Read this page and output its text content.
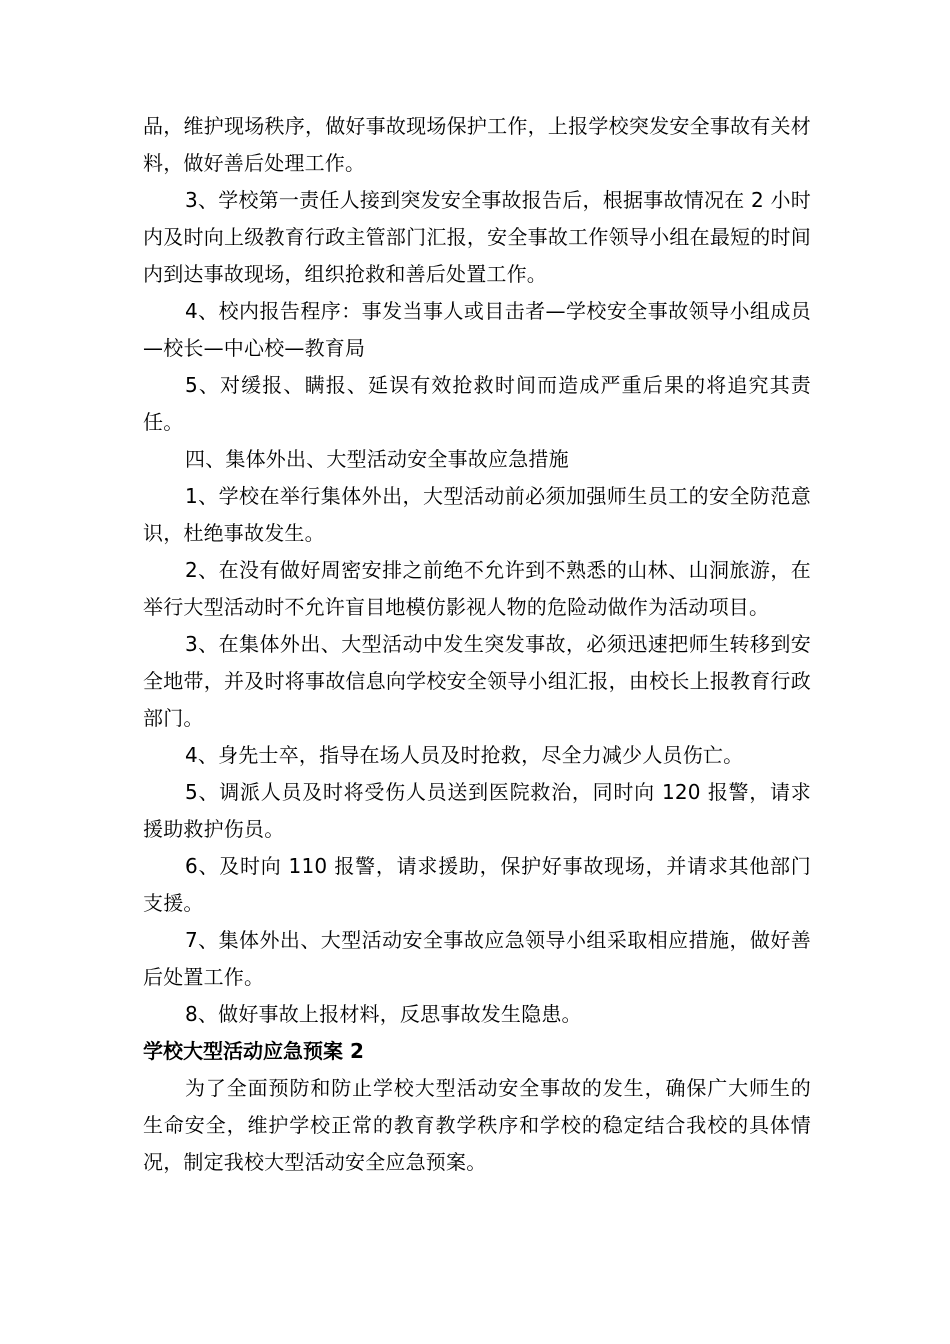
品，维护现场秩序，做好事故现场保护工作，上报学校突发安全事故有关材料，做好善后处理工作。

3、学校第一责任人接到突发安全事故报告后，根据事故情况在 2 小时内及时向上级教育行政主管部门汇报，安全事故工作领导小组在最短的时间内到达事故现场，组织抢救和善后处置工作。

4、校内报告程序：事发当事人或目击者—学校安全事故领导小组成员—校长—中心校—教育局

5、对缓报、瞒报、延误有效抢救时间而造成严重后果的将追究其责任。

四、集体外出、大型活动安全事故应急措施

1、学校在举行集体外出，大型活动前必须加强师生员工的安全防范意识，杜绝事故发生。

2、在没有做好周密安排之前绝不允许到不熟悉的山林、山洞旅游，在举行大型活动时不允许盲目地模仿影视人物的危险动做作为活动项目。

3、在集体外出、大型活动中发生突发事故，必须迅速把师生转移到安全地带，并及时将事故信息向学校安全领导小组汇报，由校长上报教育行政部门。

4、身先士卒，指导在场人员及时抢救，尽全力减少人员伤亡。

5、调派人员及时将受伤人员送到医院救治，同时向 120 报警，请求援助救护伤员。

6、及时向 110 报警，请求援助，保护好事故现场，并请求其他部门支援。

7、集体外出、大型活动安全事故应急领导小组采取相应措施，做好善后处置工作。

8、做好事故上报材料，反思事故发生隐患。

学校大型活动应急预案 2

为了全面预防和防止学校大型活动安全事故的发生，确保广大师生的生命安全，维护学校正常的教育教学秩序和学校的稳定结合我校的具体情况，制定我校大型活动安全应急预案。
